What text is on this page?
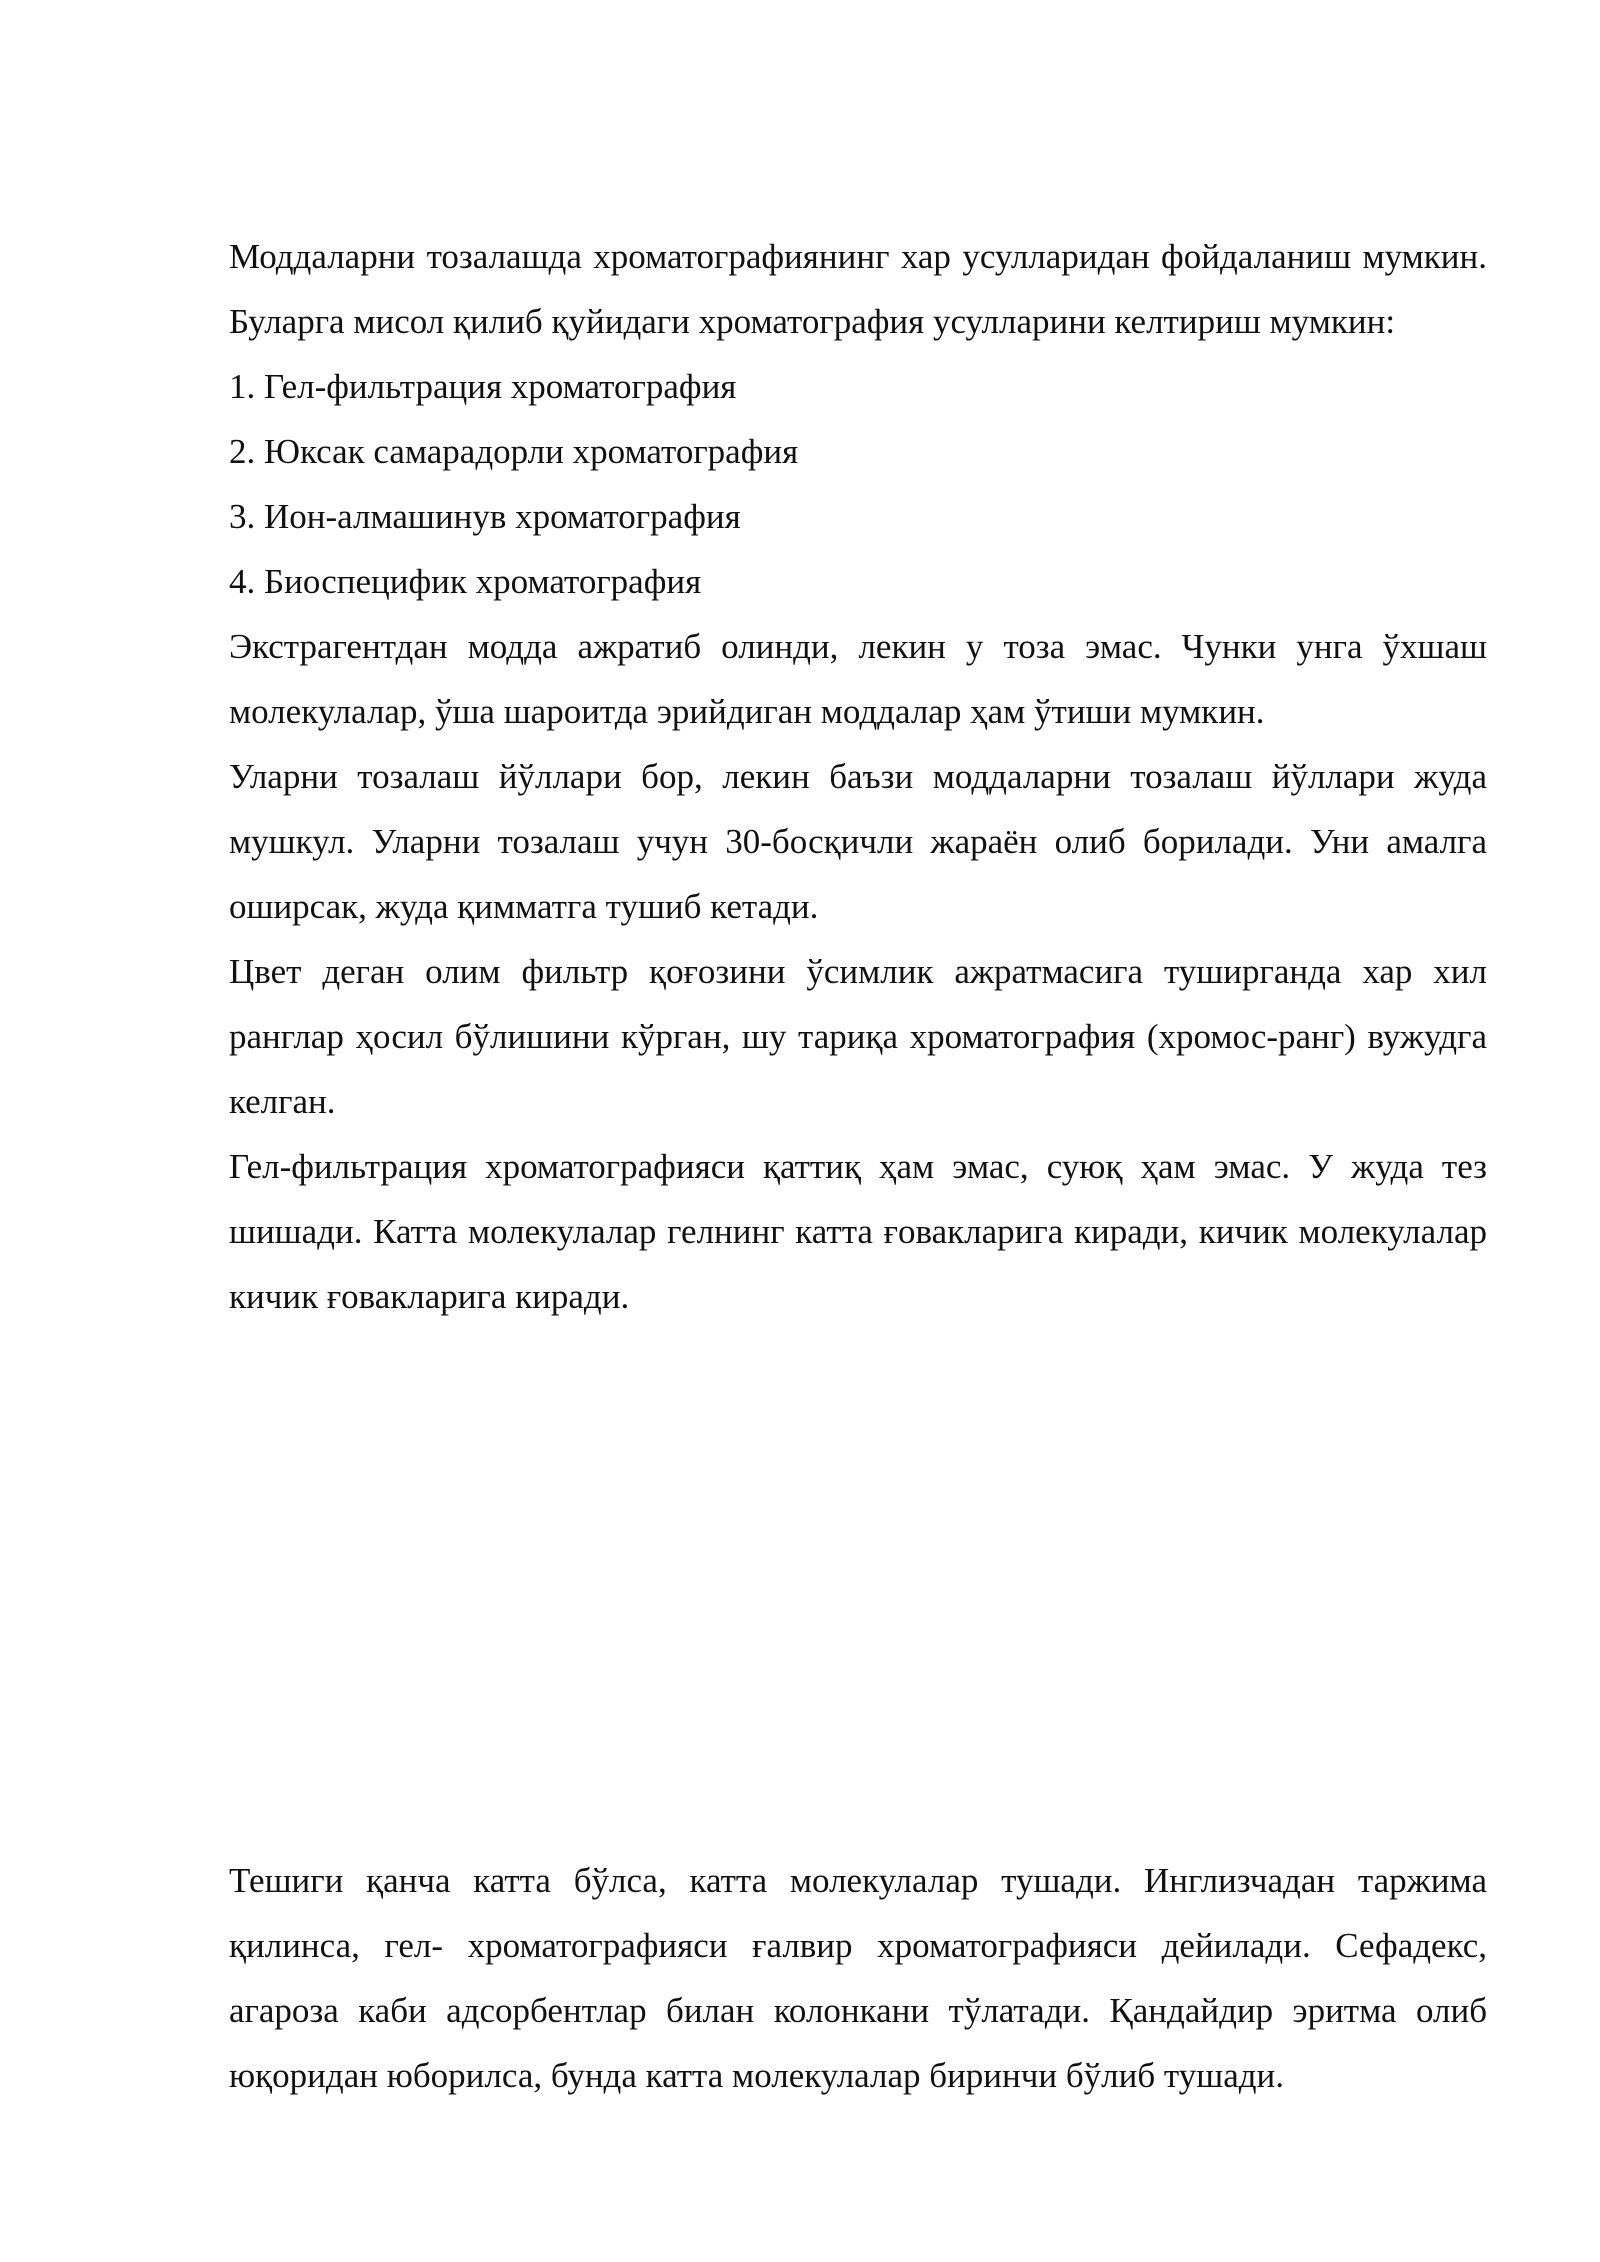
Моддаларни тозалашда хроматографиянинг хар усулларидан фойдаланиш мумкин. Буларга мисол қилиб қуйидаги хроматография усулларини келтириш мумкин:

1. Гел-фильтрация хроматография

2. Юксак самарадорли хроматография

3. Ион-алмашинув хроматография

4. Биоспецифик хроматография

Экстрагентдан модда ажратиб олинди, лекин у тоза эмас. Чунки унга ўхшаш молекулалар, ўша шароитда эрийдиган моддалар ҳам ўтиши мумкин.

Уларни тозалаш йўллари бор, лекин баъзи моддаларни тозалаш йўллари жуда мушкул. Уларни тозалаш учун 30-босқичли жараён олиб борилади. Уни амалга оширсак, жуда қимматга тушиб кетади.

Цвет деган олим фильтр қоғозини ўсимлик ажратмасига туширганда хар хил ранглар ҳосил бўлишини кўрган, шу тариқа хроматография (хромос-ранг) вужудга келган.

Гел-фильтрация хроматографияси қаттиқ ҳам эмас, суюқ ҳам эмас. У жуда тез шишади. Катта молекулалар гелнинг катта ғовакларига киради, кичик молекулалар кичик ғовакларига киради.

Тешиги қанча катта бўлса, катта молекулалар тушади. Инглизчадан таржима қилинса, гел- хроматографияси ғалвир хроматографияси дейилади. Сефадекс, агароза каби адсорбентлар билан колонкани тўлатади. Қандайдир эритма олиб юқоридан юборилса, бунда катта молекулалар биринчи бўлиб тушади.
